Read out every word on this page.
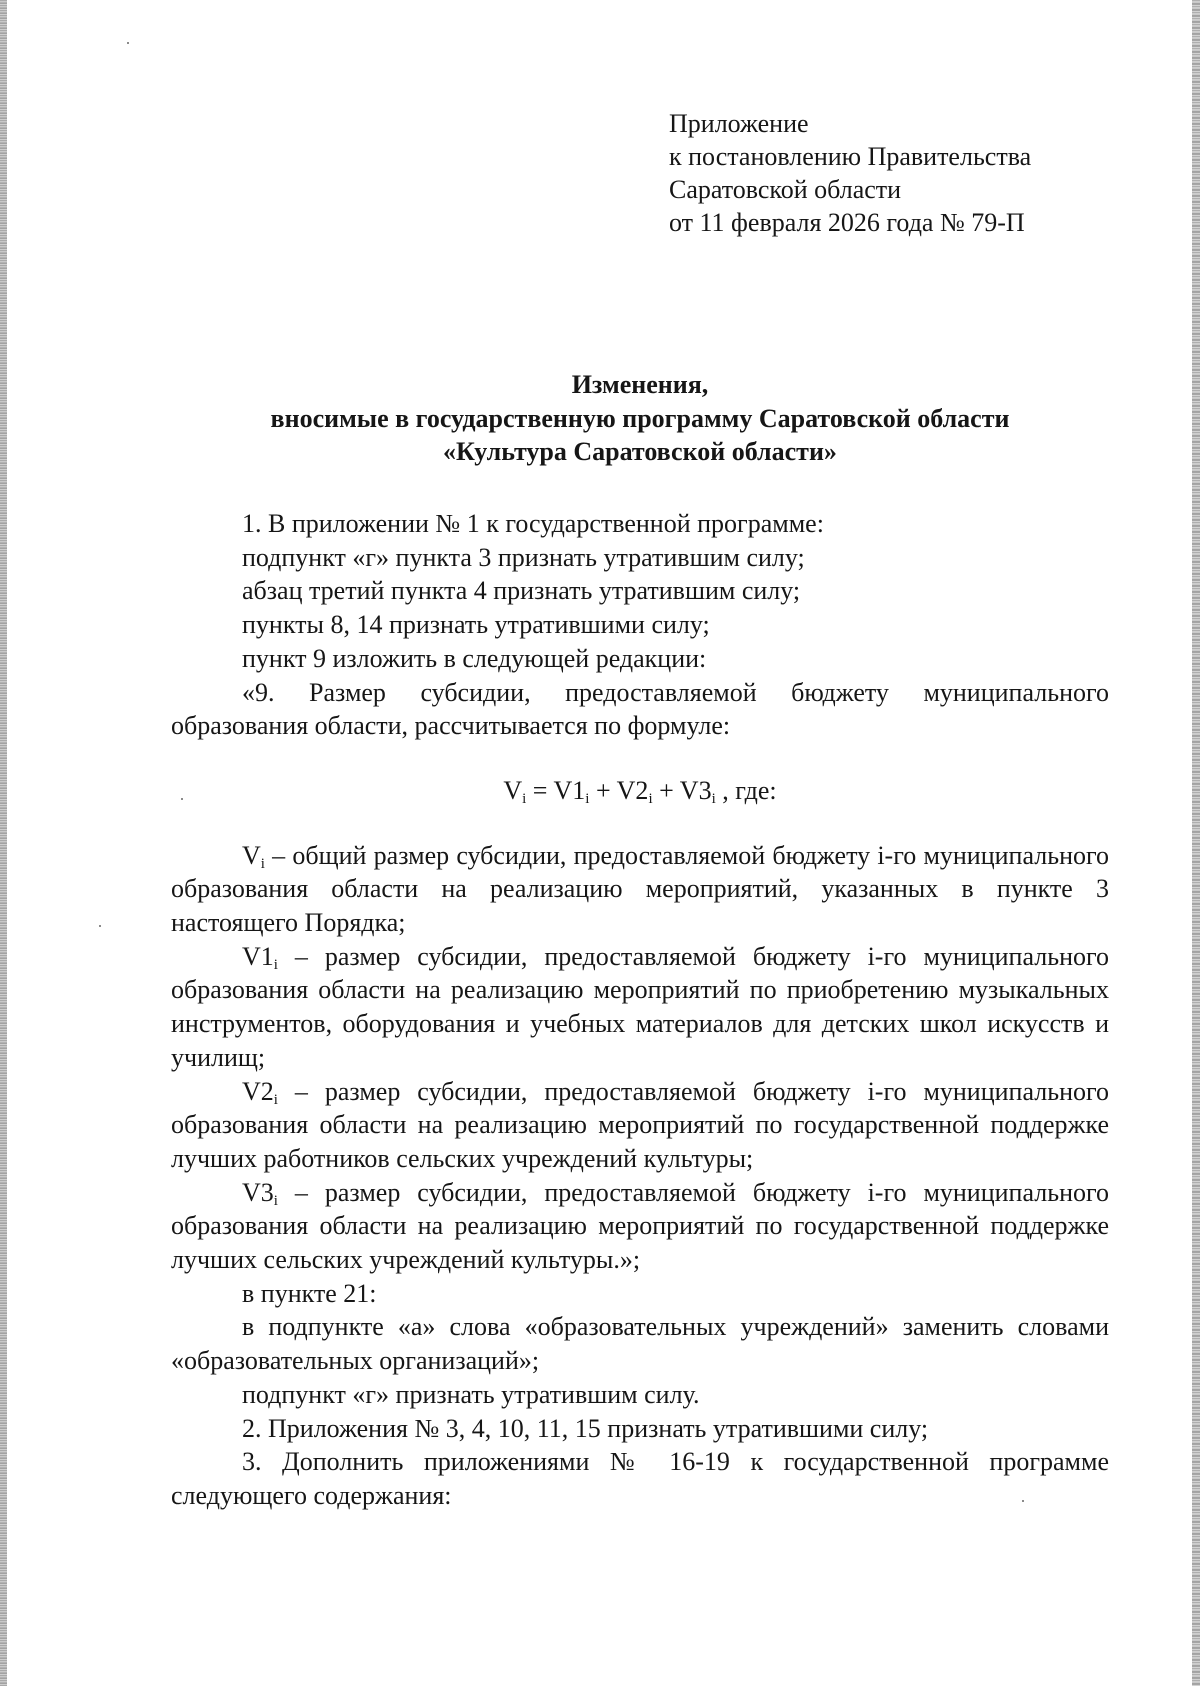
Приложение
к постановлению Правительства
Саратовской области
от 11 февраля 2026 года № 79-П
Изменения,
вносимые в государственную программу Саратовской области
«Культура Саратовской области»

1. В приложении № 1 к государственной программе:

подпункт «г» пункта 3 признать утратившим силу;

абзац третий пункта 4 признать утратившим силу;

пункты 8, 14 признать утратившими силу;

пункт 9 изложить в следующей редакции:

«9. Размер субсидии, предоставляемой бюджету муниципального образования области, рассчитывается по формуле:

$V_i = V1_i + V2_i + V3_i$ , где:

$V_i$ – общий размер субсидии, предоставляемой бюджету i-го муниципального образования области на реализацию мероприятий, указанных в пункте 3 настоящего Порядка;

$V1_i$ – размер субсидии, предоставляемой бюджету i-го муниципального образования области на реализацию мероприятий по приобретению музыкальных инструментов, оборудования и учебных материалов для детских школ искусств и училищ;

$V2_i$ – размер субсидии, предоставляемой бюджету i-го муниципального образования области на реализацию мероприятий по государственной поддержке лучших работников сельских учреждений культуры;

$V3_i$ – размер субсидии, предоставляемой бюджету i-го муниципального образования области на реализацию мероприятий по государственной поддержке лучших сельских учреждений культуры.»;

в пункте 21:

в подпункте «а» слова «образовательных учреждений» заменить словами «образовательных организаций»;

подпункт «г» признать утратившим силу.

2. Приложения № 3, 4, 10, 11, 15 признать утратившими силу;

3. Дополнить приложениями № 16-19 к государственной программе следующего содержания:
